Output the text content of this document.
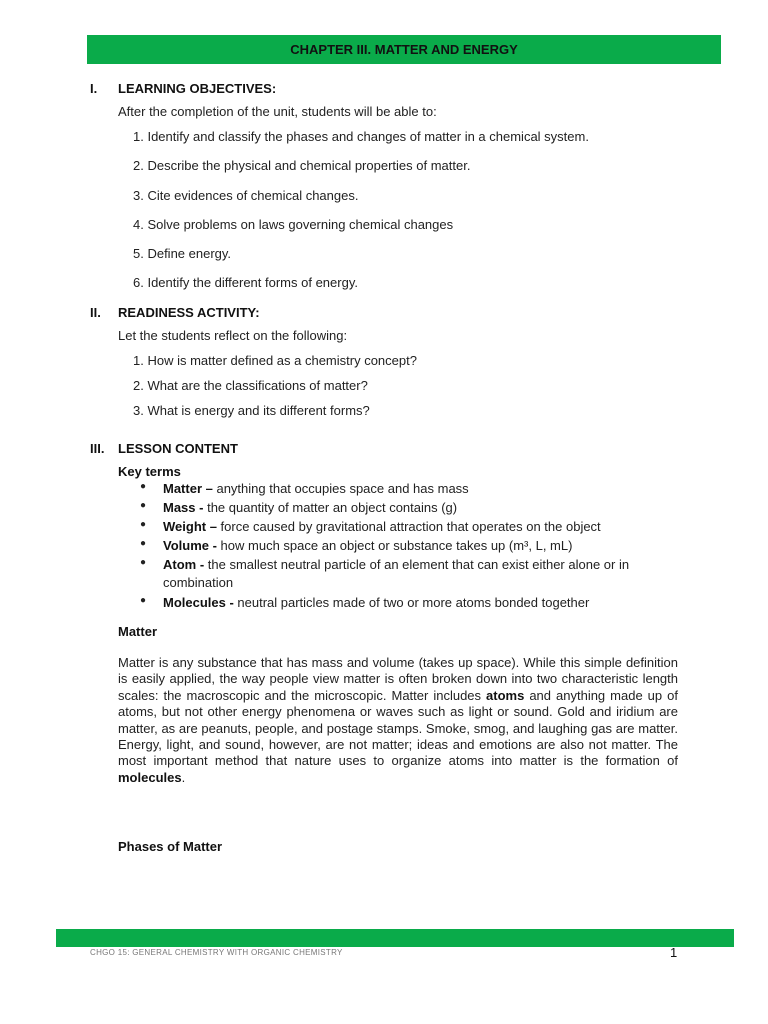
CHAPTER III. MATTER AND ENERGY
I. LEARNING OBJECTIVES:
After the completion of the unit, students will be able to:
1. Identify and classify the phases and changes of matter in a chemical system.
2. Describe the physical and chemical properties of matter.
3. Cite evidences of chemical changes.
4. Solve problems on laws governing chemical changes
5. Define energy.
6. Identify the different forms of energy.
II. READINESS ACTIVITY:
Let the students reflect on the following:
1. How is matter defined as a chemistry concept?
2. What are the classifications of matter?
3. What is energy and its different forms?
III. LESSON CONTENT
Key terms
● Matter – anything that occupies space and has mass
● Mass - the quantity of matter an object contains (g)
● Weight – force caused by gravitational attraction that operates on the object
● Volume - how much space an object or substance takes up (m³, L, mL)
● Atom - the smallest neutral particle of an element that can exist either alone or in
combination
● Molecules - neutral particles made of two or more atoms bonded together
Matter
Matter is any substance that has mass and volume (takes up space). While this simple definition is easily applied, the way people view matter is often broken down into two characteristic length scales: the macroscopic and the microscopic. Matter includes atoms and anything made up of atoms, but not other energy phenomena or waves such as light or sound. Gold and iridium are matter, as are peanuts, people, and postage stamps. Smoke, smog, and laughing gas are matter. Energy, light, and sound, however, are not matter; ideas and emotions are also not matter. The most important method that nature uses to organize atoms into matter is the formation of molecules.
Phases of Matter
CHGO 15: GENERAL CHEMISTRY WITH ORGANIC CHEMISTRY	1
